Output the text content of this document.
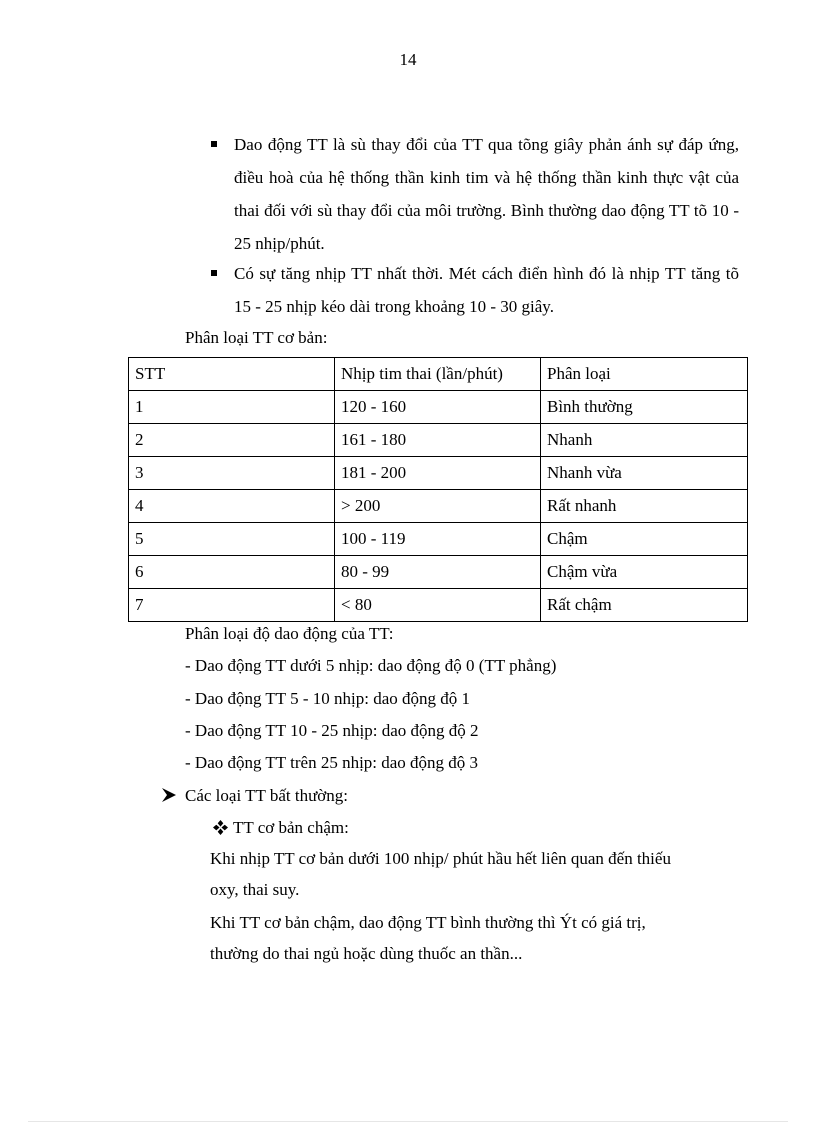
14
Dao động TT là sù thay đổi của TT qua tõng giây phản ánh sự đáp ứng, điều hoà của hệ thống thần kinh tim và hệ thống thần kinh thực vật của thai đối với sù thay đổi của môi trường. Bình thường dao động TT tõ 10 - 25 nhịp/phút.
Có sự tăng nhịp TT nhất thời. Mét cách điển hình đó là nhịp TT tăng tõ 15 - 25 nhịp kéo dài trong khoảng 10 - 30 giây.
Phân loại TT cơ bản:
STT	Nhịp tim thai (lần/phút)	Phân loại
1	120 - 160	Bình thường
2	161 - 180	Nhanh
3	181 - 200	Nhanh vừa
4	> 200	Rất nhanh
5	100 - 119	Chậm
6	80 - 99	Chậm vừa
7	< 80	Rất chậm
Phân loại độ dao động của TT:
- Dao động TT dưới 5 nhịp: dao động độ 0 (TT phẳng)
- Dao động TT 5 - 10 nhịp: dao động độ 1
- Dao động TT 10 - 25 nhịp: dao động độ 2
- Dao động TT trên 25 nhịp: dao động độ 3
Các loại TT bất thường:
TT cơ bản chậm:
Khi nhịp TT cơ bản dưới 100 nhịp/ phút hầu hết liên quan đến thiếu
oxy, thai suy.
Khi TT cơ bản chậm, dao động TT bình thường thì Ýt có giá trị,
thường do thai ngủ hoặc dùng thuốc an thần...
